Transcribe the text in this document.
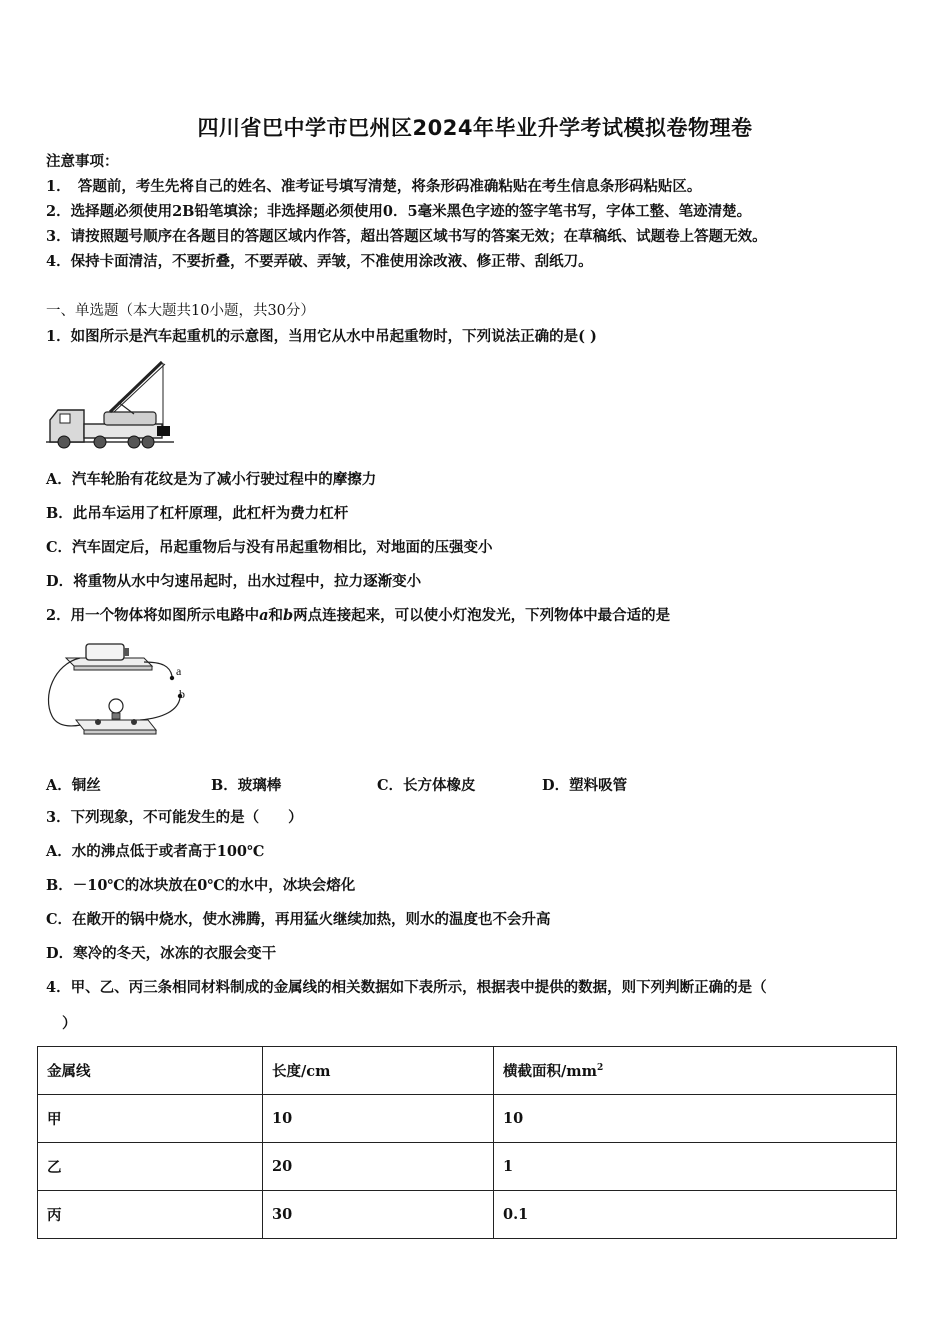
四川省巴中学市巴州区2024年毕业升学考试模拟卷物理卷
注意事项：
1．　答题前，考生先将自己的姓名、准考证号填写清楚，将条形码准确粘贴在考生信息条形码粘贴区。
2．选择题必须使用2B铅笔填涂；非选择题必须使用0．5毫米黑色字迹的签字笔书写，字体工整、笔迹清楚。
3．请按照题号顺序在各题目的答题区域内作答，超出答题区域书写的答案无效；在草稿纸、试题卷上答题无效。
4．保持卡面清洁，不要折叠，不要弄破、弄皱，不准使用涂改液、修正带、刮纸刀。
一、单选题（本大题共10小题，共30分）
1．如图所示是汽车起重机的示意图，当用它从水中吊起重物时，下列说法正确的是( )
A．汽车轮胎有花纹是为了减小行驶过程中的摩擦力
B．此吊车运用了杠杆原理，此杠杆为费力杠杆
C．汽车固定后，吊起重物后与没有吊起重物相比，对地面的压强变小
D．将重物从水中匀速吊起时，出水过程中，拉力逐渐变小
2．用一个物体将如图所示电路中a和b两点连接起来，可以使小灯泡发光，下列物体中最合适的是
a
b
A．铜丝	B．玻璃棒	C．长方体橡皮	D．塑料吸管
3．下列现象，不可能发生的是（　　）
A．水的沸点低于或者高于100℃
B．－10℃的冰块放在0℃的水中，冰块会熔化
C．在敞开的锅中烧水，使水沸腾，再用猛火继续加热，则水的温度也不会升高
D．寒冷的冬天，冰冻的衣服会变干
4．甲、乙、丙三条相同材料制成的金属线的相关数据如下表所示，根据表中提供的数据，则下列判断正确的是（
）
金属线	长度/cm	横截面积$/mm^2$
甲	10	10
乙	20	1
丙	30	0.1
